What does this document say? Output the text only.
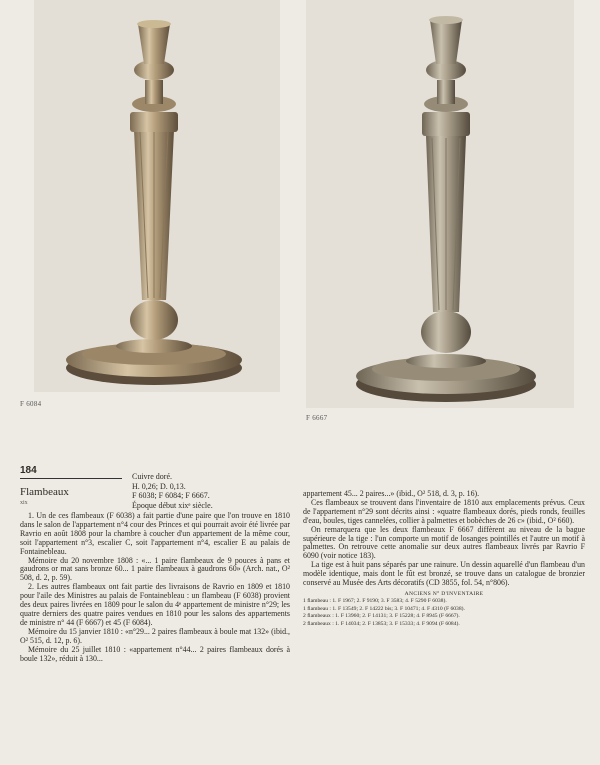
F 6084
F 6667
184
Flambeaux
xix
Cuivre doré.
H. 0,26; D. 0,13.
F 6038; F 6084; F 6667.
Époque début xixᵉ siècle.

1. Un de ces flambeaux (F 6038) a fait partie d'une paire que l'on trouve en 1810 dans le salon de l'appartement n°4 cour des Princes et qui pourrait avoir été livrée par Ravrio en août 1808 pour la chambre à coucher d'un appartement de la même cour, soit l'appartement n°3, escalier C, soit l'appartement n°4, escalier E au palais de Fontainebleau.

Mémoire du 20 novembre 1808 : «... 1 paire flambeaux de 9 pouces à pans et gaudrons or mat sans bronze 60... 1 paire flambeaux à gaudrons 60» (Arch. nat., O² 508, d. 2, p. 59).

2. Les autres flambeaux ont fait partie des livraisons de Ravrio en 1809 et 1810 pour l'aile des Ministres au palais de Fontainebleau : un flambeau (F 6038) provient des deux paires livrées en 1809 pour le salon du 4ᵉ appartement de ministre n°29; les quatre derniers des quatre paires vendues en 1810 pour les salons des appartements de ministre n° 44 (F 6667) et 45 (F 6084).

Mémoire du 15 janvier 1810 : «n°29... 2 paires flambeaux à boule mat 132» (ibid., O² 515, d. 12, p. 6).

Mémoire du 25 juillet 1810 : «appartement n°44... 2 paires flambeaux dorés à boule 132», réduit à 130...

appartement 45... 2 paires...» (ibid., O² 518, d. 3, p. 16).

Ces flambeaux se trouvent dans l'inventaire de 1810 aux emplacements prévus. Ceux de l'appartement n°29 sont décrits ainsi : «quatre flambeaux dorés, pieds ronds, feuilles d'eau, boules, tiges cannelées, collier à palmettes et bobèches de 26 c» (ibid., O² 660).

On remarquera que les deux flambeaux F 6667 diffèrent au niveau de la bague supérieure de la tige : l'un comporte un motif de losanges pointillés et l'autre un motif à palmettes. On retrouve cette anomalie sur deux autres flambeaux livrés par Ravrio F 6090 (voir notice 183).

La tige est à huit pans séparés par une rainure. Un dessin aquarellé d'un flambeau d'un modèle identique, mais dont le fût est bronzé, se trouve dans un catalogue de bronzier conservé au Musée des Arts décoratifs (CD 3855, fol. 54, n°806).

ANCIENS N° D'INVENTAIRE
1 flambeau : 1. F 1967; 2. F 9190; 3. F 3583; 4. F 5290 F 6038).
1 flambeau : 1. F 13549; 2. F 14222 bis; 3. F 10471; 4. F 4310 (F 6038).
2 flambeaux : 1. F 13960; 2. F 14131; 3. F 15228; 4. F 8945 (F 6667).
2 flambeaux : 1. F 14034; 2. F 13853; 3. F 15333; 4. F 9094 (F 6084).
